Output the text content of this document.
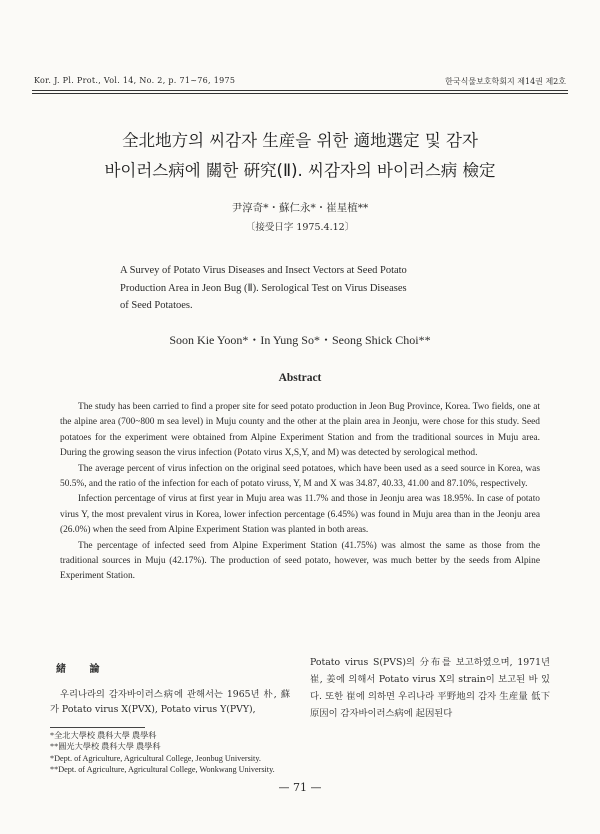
Kor. J. Pl. Prot., Vol. 14, No. 2, p. 71~76, 1975	한국식물보호학회지 제14권 제2호
全北地方의 씨감자 生産을 위한 適地選定 및 감자
바이러스病에 關한 硏究(Ⅱ). 씨감자의 바이러스病 檢定
尹淳奇*・蘇仁永*・崔星植**
〔接受日字 1975.4.12〕
A Survey of Potato Virus Diseases and Insect Vectors at Seed Potato
Production Area in Jeon Bug (Ⅱ). Serological Test on Virus Diseases
of Seed Potatoes.
Soon Kie Yoon*・In Yung So*・Seong Shick Choi**
Abstract

The study has been carried to find a proper site for seed potato production in Jeon Bug Province, Korea. Two fields, one at the alpine area (700~800 m sea level) in Muju county and the other at the plain area in Jeonju, were chose for this study. Seed potatoes for the experiment were obtained from Alpine Experiment Station and from the traditional sources in Muju area. During the growing season the virus infection (Potato virus X,S,Y, and M) was detected by serological method.

The average percent of virus infection on the original seed potatoes, which have been used as a seed source in Korea, was 50.5%, and the ratio of the infection for each of potato viruss, Y, M and X was 34.87, 40.33, 41.00 and 87.10%, respectively.

Infection percentage of virus at first year in Muju area was 11.7% and those in Jeonju area was 18.95%. In case of potato virus Y, the most prevalent virus in Korea, lower infection percentage (6.45%) was found in Muju area than in the Jeonju area (26.0%) when the seed from Alpine Experiment Station was planted in both areas.

The percentage of infected seed from Alpine Experiment Station (41.75%) was almost the same as those from the traditional sources in Muju (42.17%). The production of seed potato, however, was much better by the seeds from Alpine Experiment Station.

緒 論

우리나라의 감자바이러스病에 관해서는 1965년 朴, 蘇가 Potato virus X(PVX), Potato virus Y(PVY),

Potato virus S(PVS)의 分布를 보고하였으며, 1971년 崔, 姜에 의해서 Potato virus X의 strain이 보고된 바 있다. 또한 崔에 의하면 우리나라 平野地의 감자 生産量 低下 原因이 감자바이러스病에 起因된다

*全北大學校 農科大學 農學科
**圓光大學校 農科大學 農學科
*Dept. of Agriculture, Agricultural College, Jeonbug University.
**Dept. of Agriculture, Agricultural College, Wonkwang University.
— 71 —
